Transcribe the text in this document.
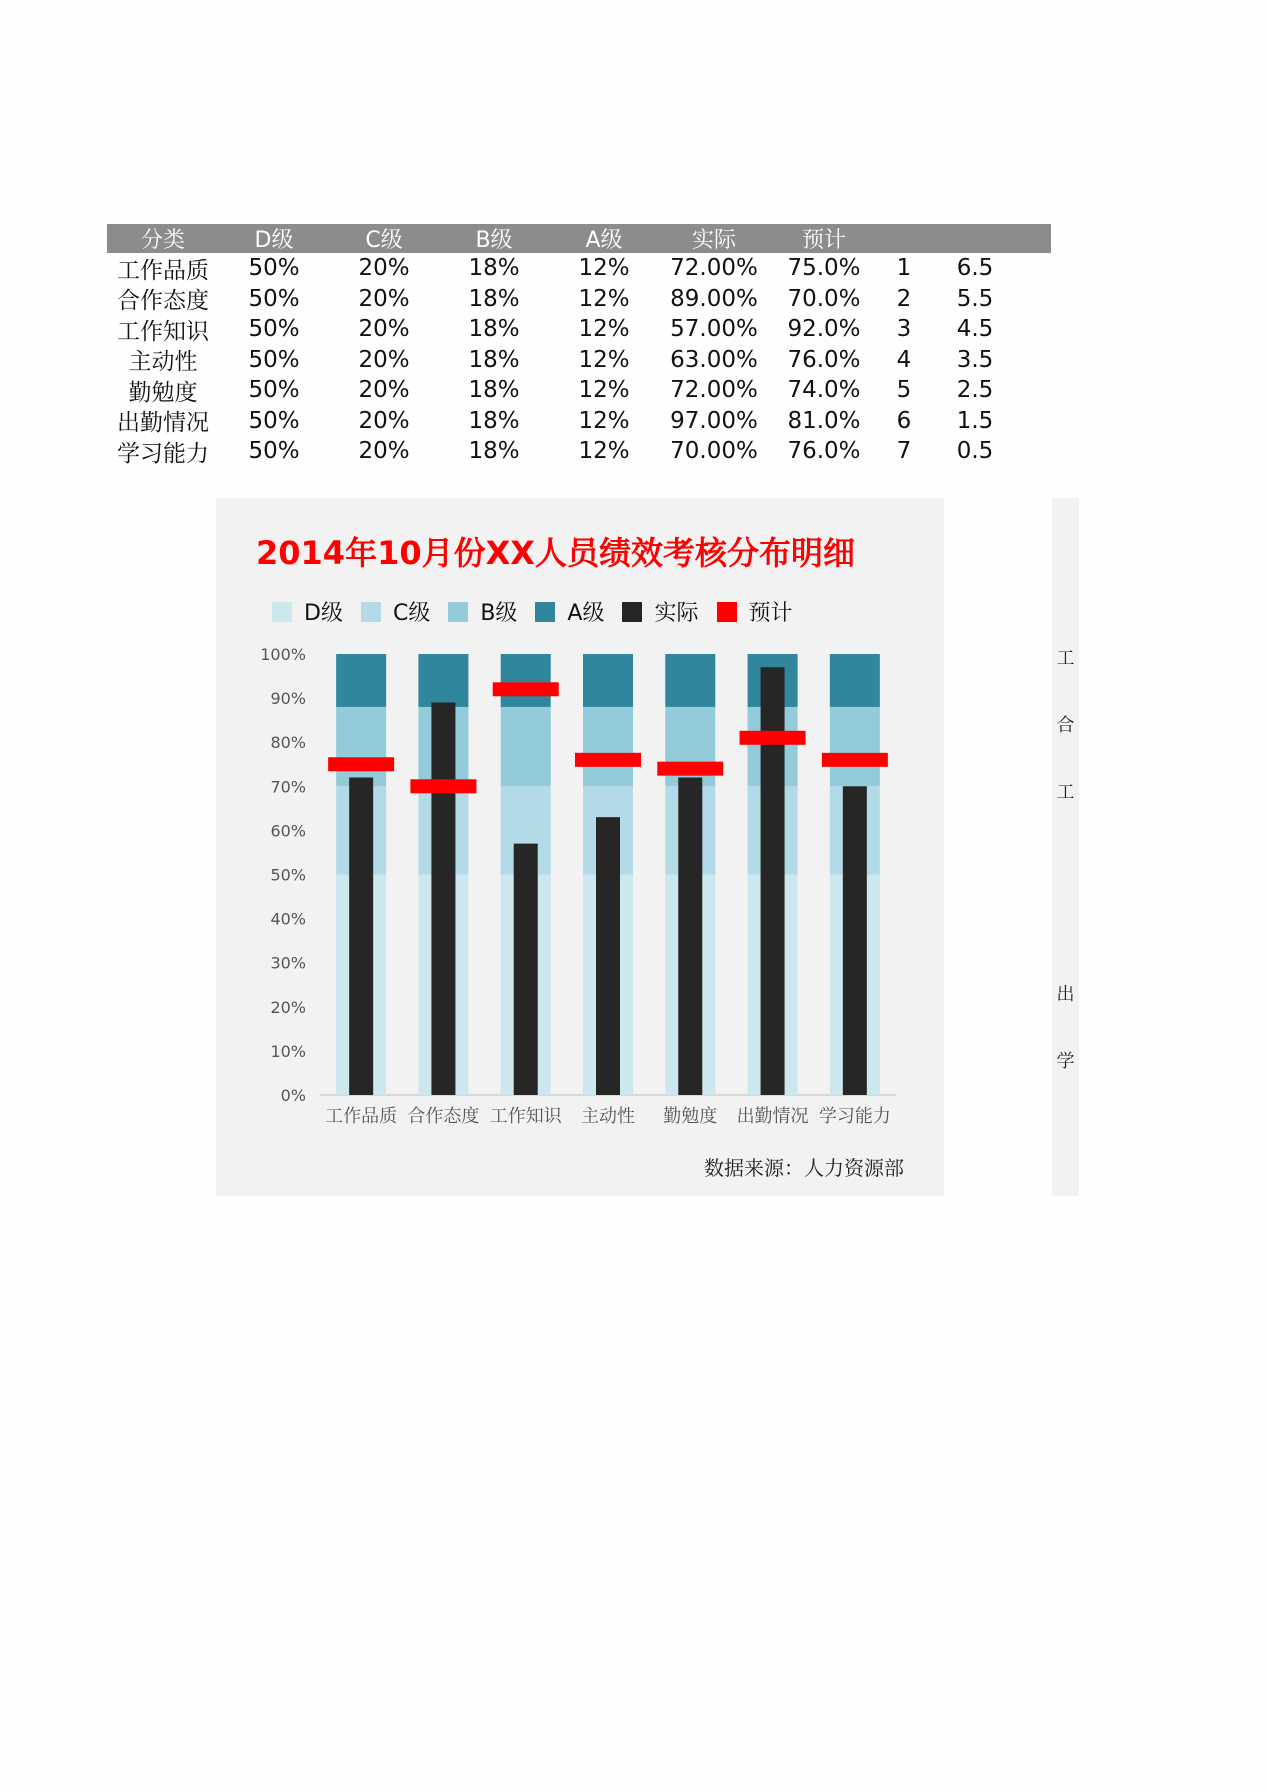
分类	D级	C级	B级	A级	实际	预计
工作品质	50%	20%	18%	12%	72.00%	75.0%	1	6.5
合作态度	50%	20%	18%	12%	89.00%	70.0%	2	5.5
工作知识	50%	20%	18%	12%	57.00%	92.0%	3	4.5
主动性	50%	20%	18%	12%	63.00%	76.0%	4	3.5
勤勉度	50%	20%	18%	12%	72.00%	74.0%	5	2.5
出勤情况	50%	20%	18%	12%	97.00%	81.0%	6	1.5
学习能力	50%	20%	18%	12%	70.00%	76.0%	7	0.5
2014年10月份XX人员绩效考核分布明细
D级 C级 B级 A级 实际 预计
0%
10%
20%
30%
40%
50%
60%
70%
80%
90%
100%
工作品质 合作态度 工作知识 主动性 勤勉度 出勤情况 学习能力
数据来源：人力资源部
工
合
工
出
学
